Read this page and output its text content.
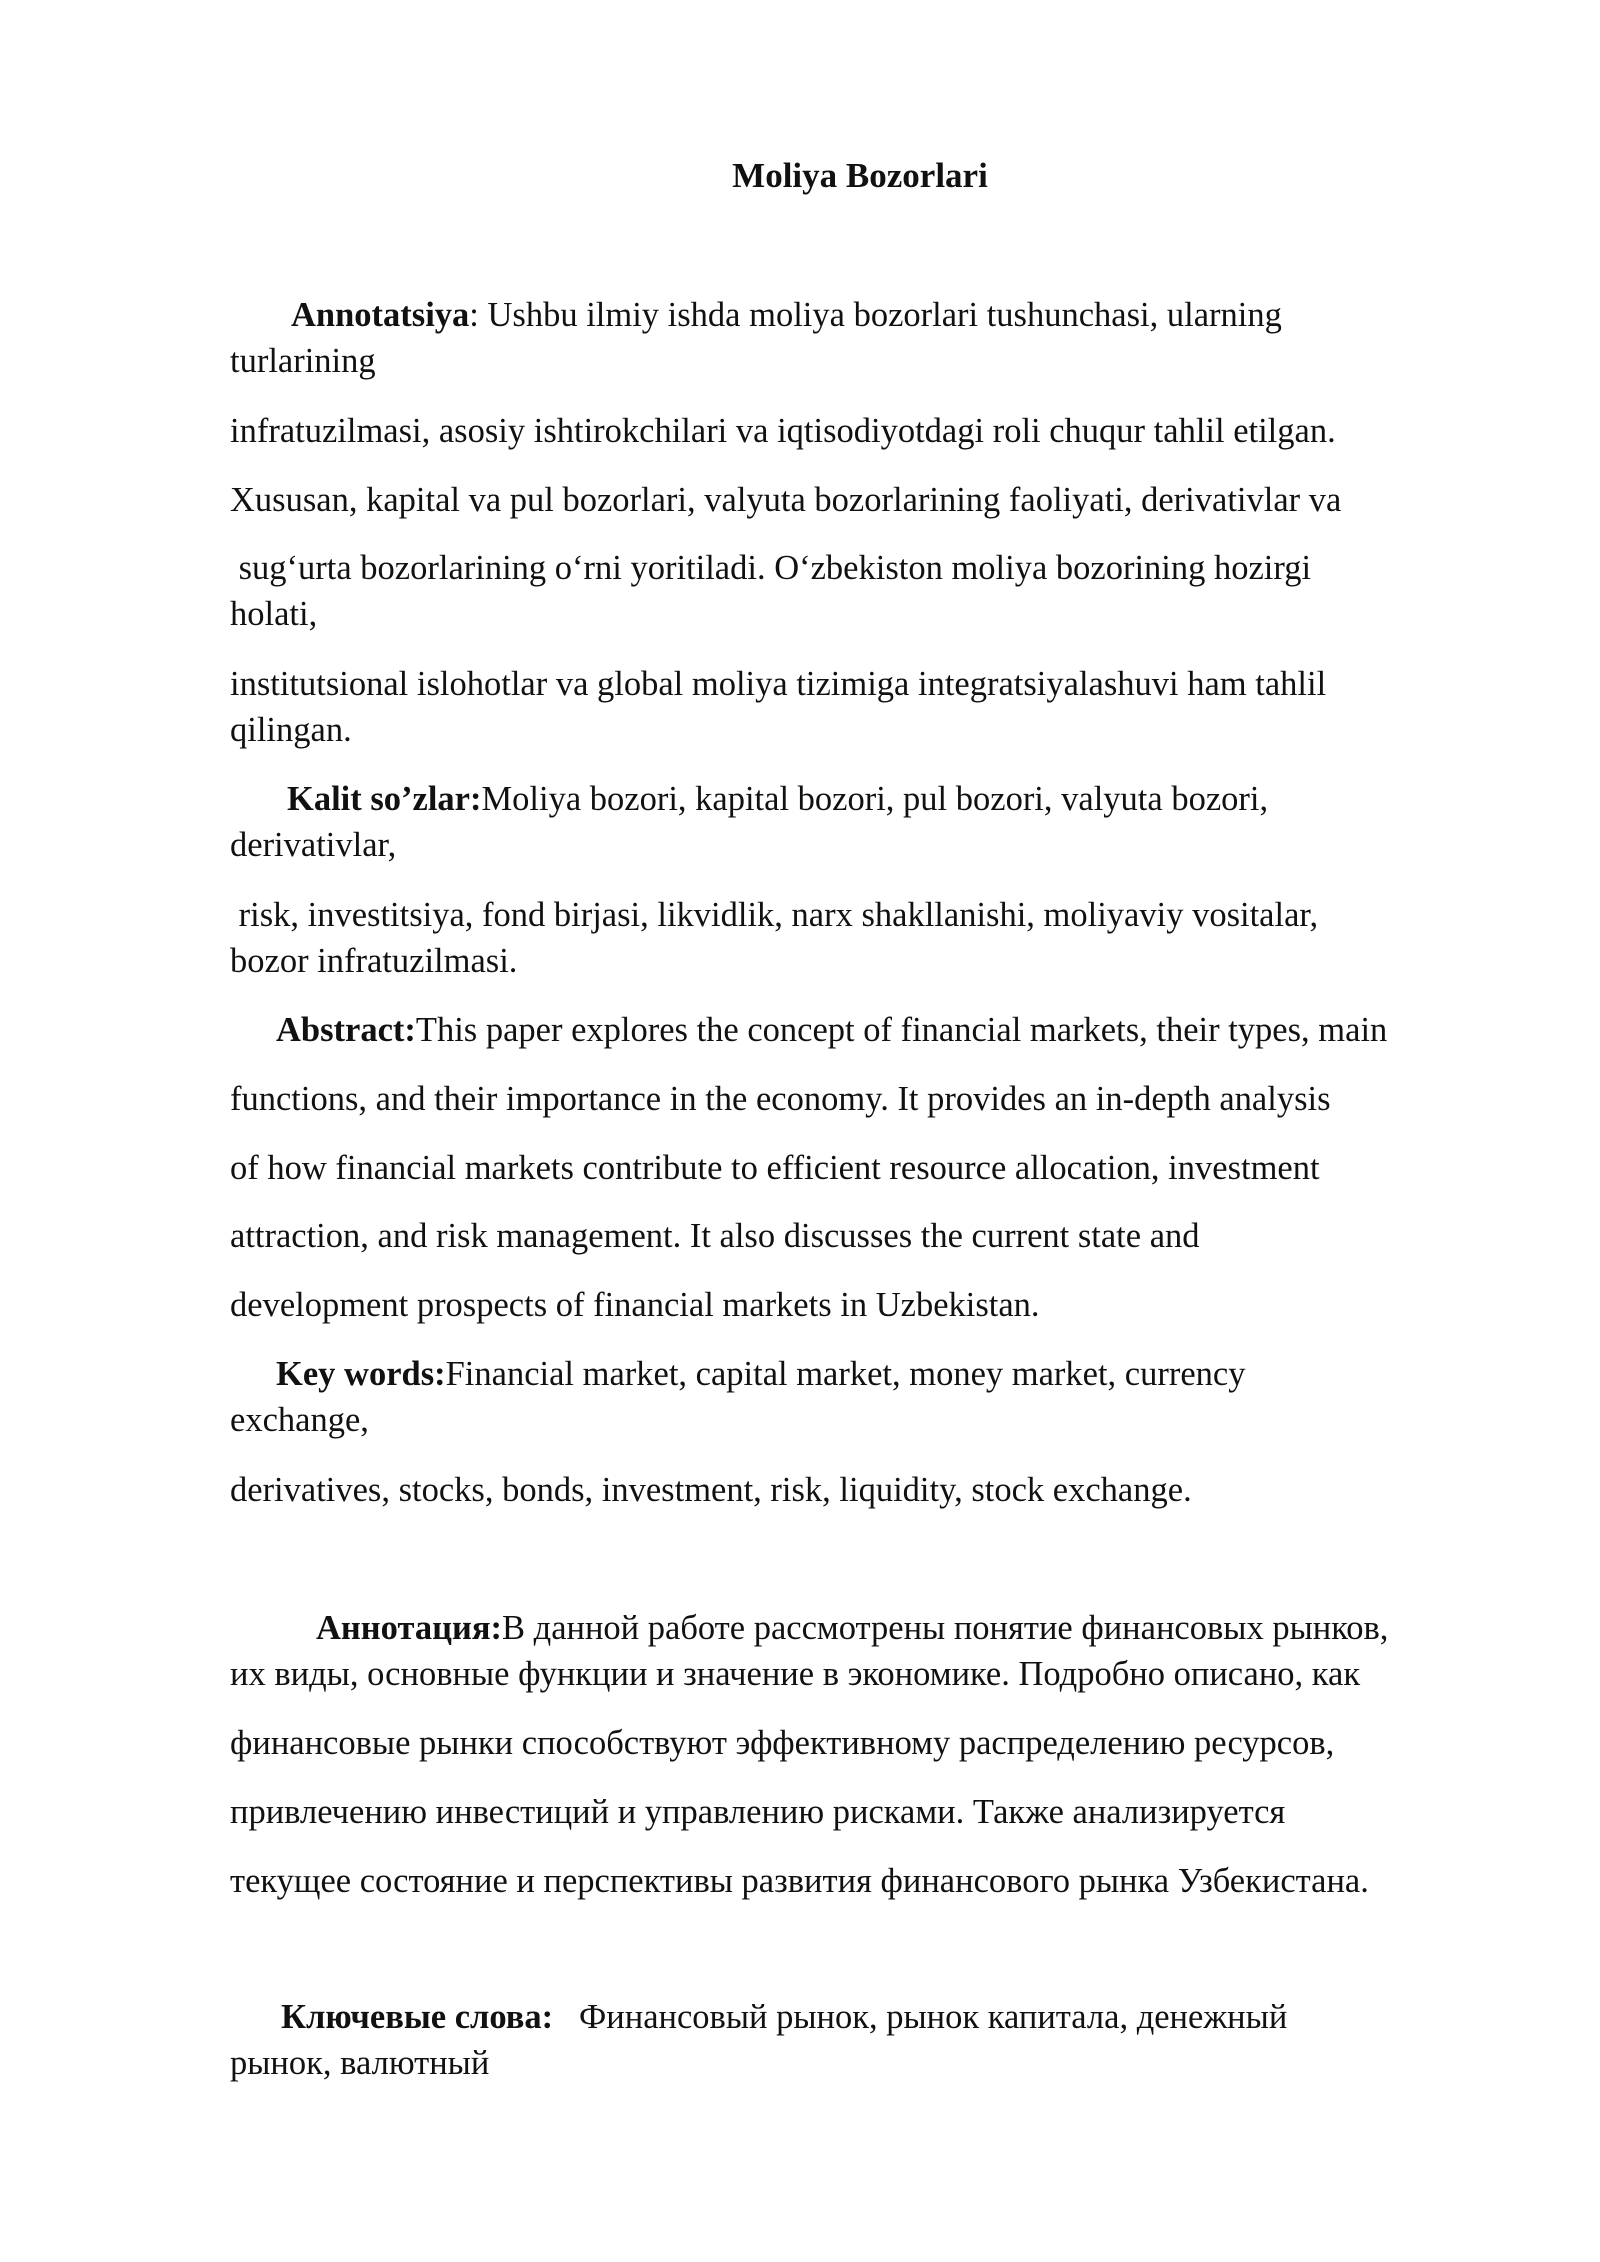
Moliya Bozorlari
Annotatsiya: Ushbu ilmiy ishda moliya bozorlari tushunchasi, ularning
turlarining
infratuzilmasi, asosiy ishtirokchilari va iqtisodiyotdagi roli chuqur tahlil etilgan.
Xususan, kapital va pul bozorlari, valyuta bozorlarining faoliyati, derivativlar va
sug‘urta bozorlarining o‘rni yoritiladi. O‘zbekiston moliya bozorining hozirgi
holati,
institutsional islohotlar va global moliya tizimiga integratsiyalashuvi ham tahlil
qilingan.
Kalit so’zlar:Moliya bozori, kapital bozori, pul bozori, valyuta bozori,
derivativlar,
risk, investitsiya, fond birjasi, likvidlik, narx shakllanishi, moliyaviy vositalar,
bozor infratuzilmasi.
Abstract:This paper explores the concept of financial markets, their types, main
functions, and their importance in the economy. It provides an in-depth analysis
of how financial markets contribute to efficient resource allocation, investment
attraction, and risk management. It also discusses the current state and
development prospects of financial markets in Uzbekistan.
Key words:Financial market, capital market, money market, currency
exchange,
derivatives, stocks, bonds, investment, risk, liquidity, stock exchange.
Аннотация:В данной работе рассмотрены понятие финансовых рынков,
их виды, основные функции и значение в экономике. Подробно описано, как
финансовые рынки способствуют эффективному распределению ресурсов,
привлечению инвестиций и управлению рисками. Также анализируется
текущее состояние и перспективы развития финансового рынка Узбекистана.
Ключевые слова:   Финансовый рынок, рынок капитала, денежный
рынок, валютный
